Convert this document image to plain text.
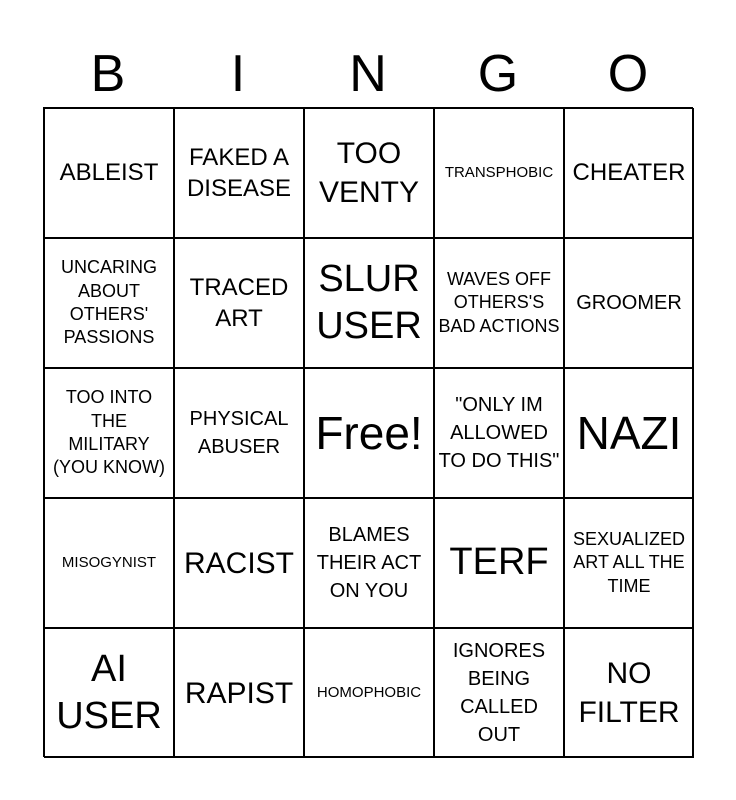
B	I	N	G	O
ABLEIST
FAKED A DISEASE
TOO VENTY
TRANSPHOBIC CHEATER
UNCARING ABOUT OTHERS' PASSIONS
TRACED ART
SLUR USER
WAVES OFF OTHERS'S BAD ACTIONS
GROOMER
TOO INTO THE MILITARY (YOU KNOW)
PHYSICAL ABUSER Free!
"ONLY IM ALLOWED TO DO THIS"
NAZI
MISOGYNIST RACIST
BLAMES THEIR ACT ON YOU
TERF
SEXUALIZED ART ALL THE TIME
AI USER
RAPIST	HOMOPHOBIC
IGNORES BEING CALLED OUT
NO FILTER
